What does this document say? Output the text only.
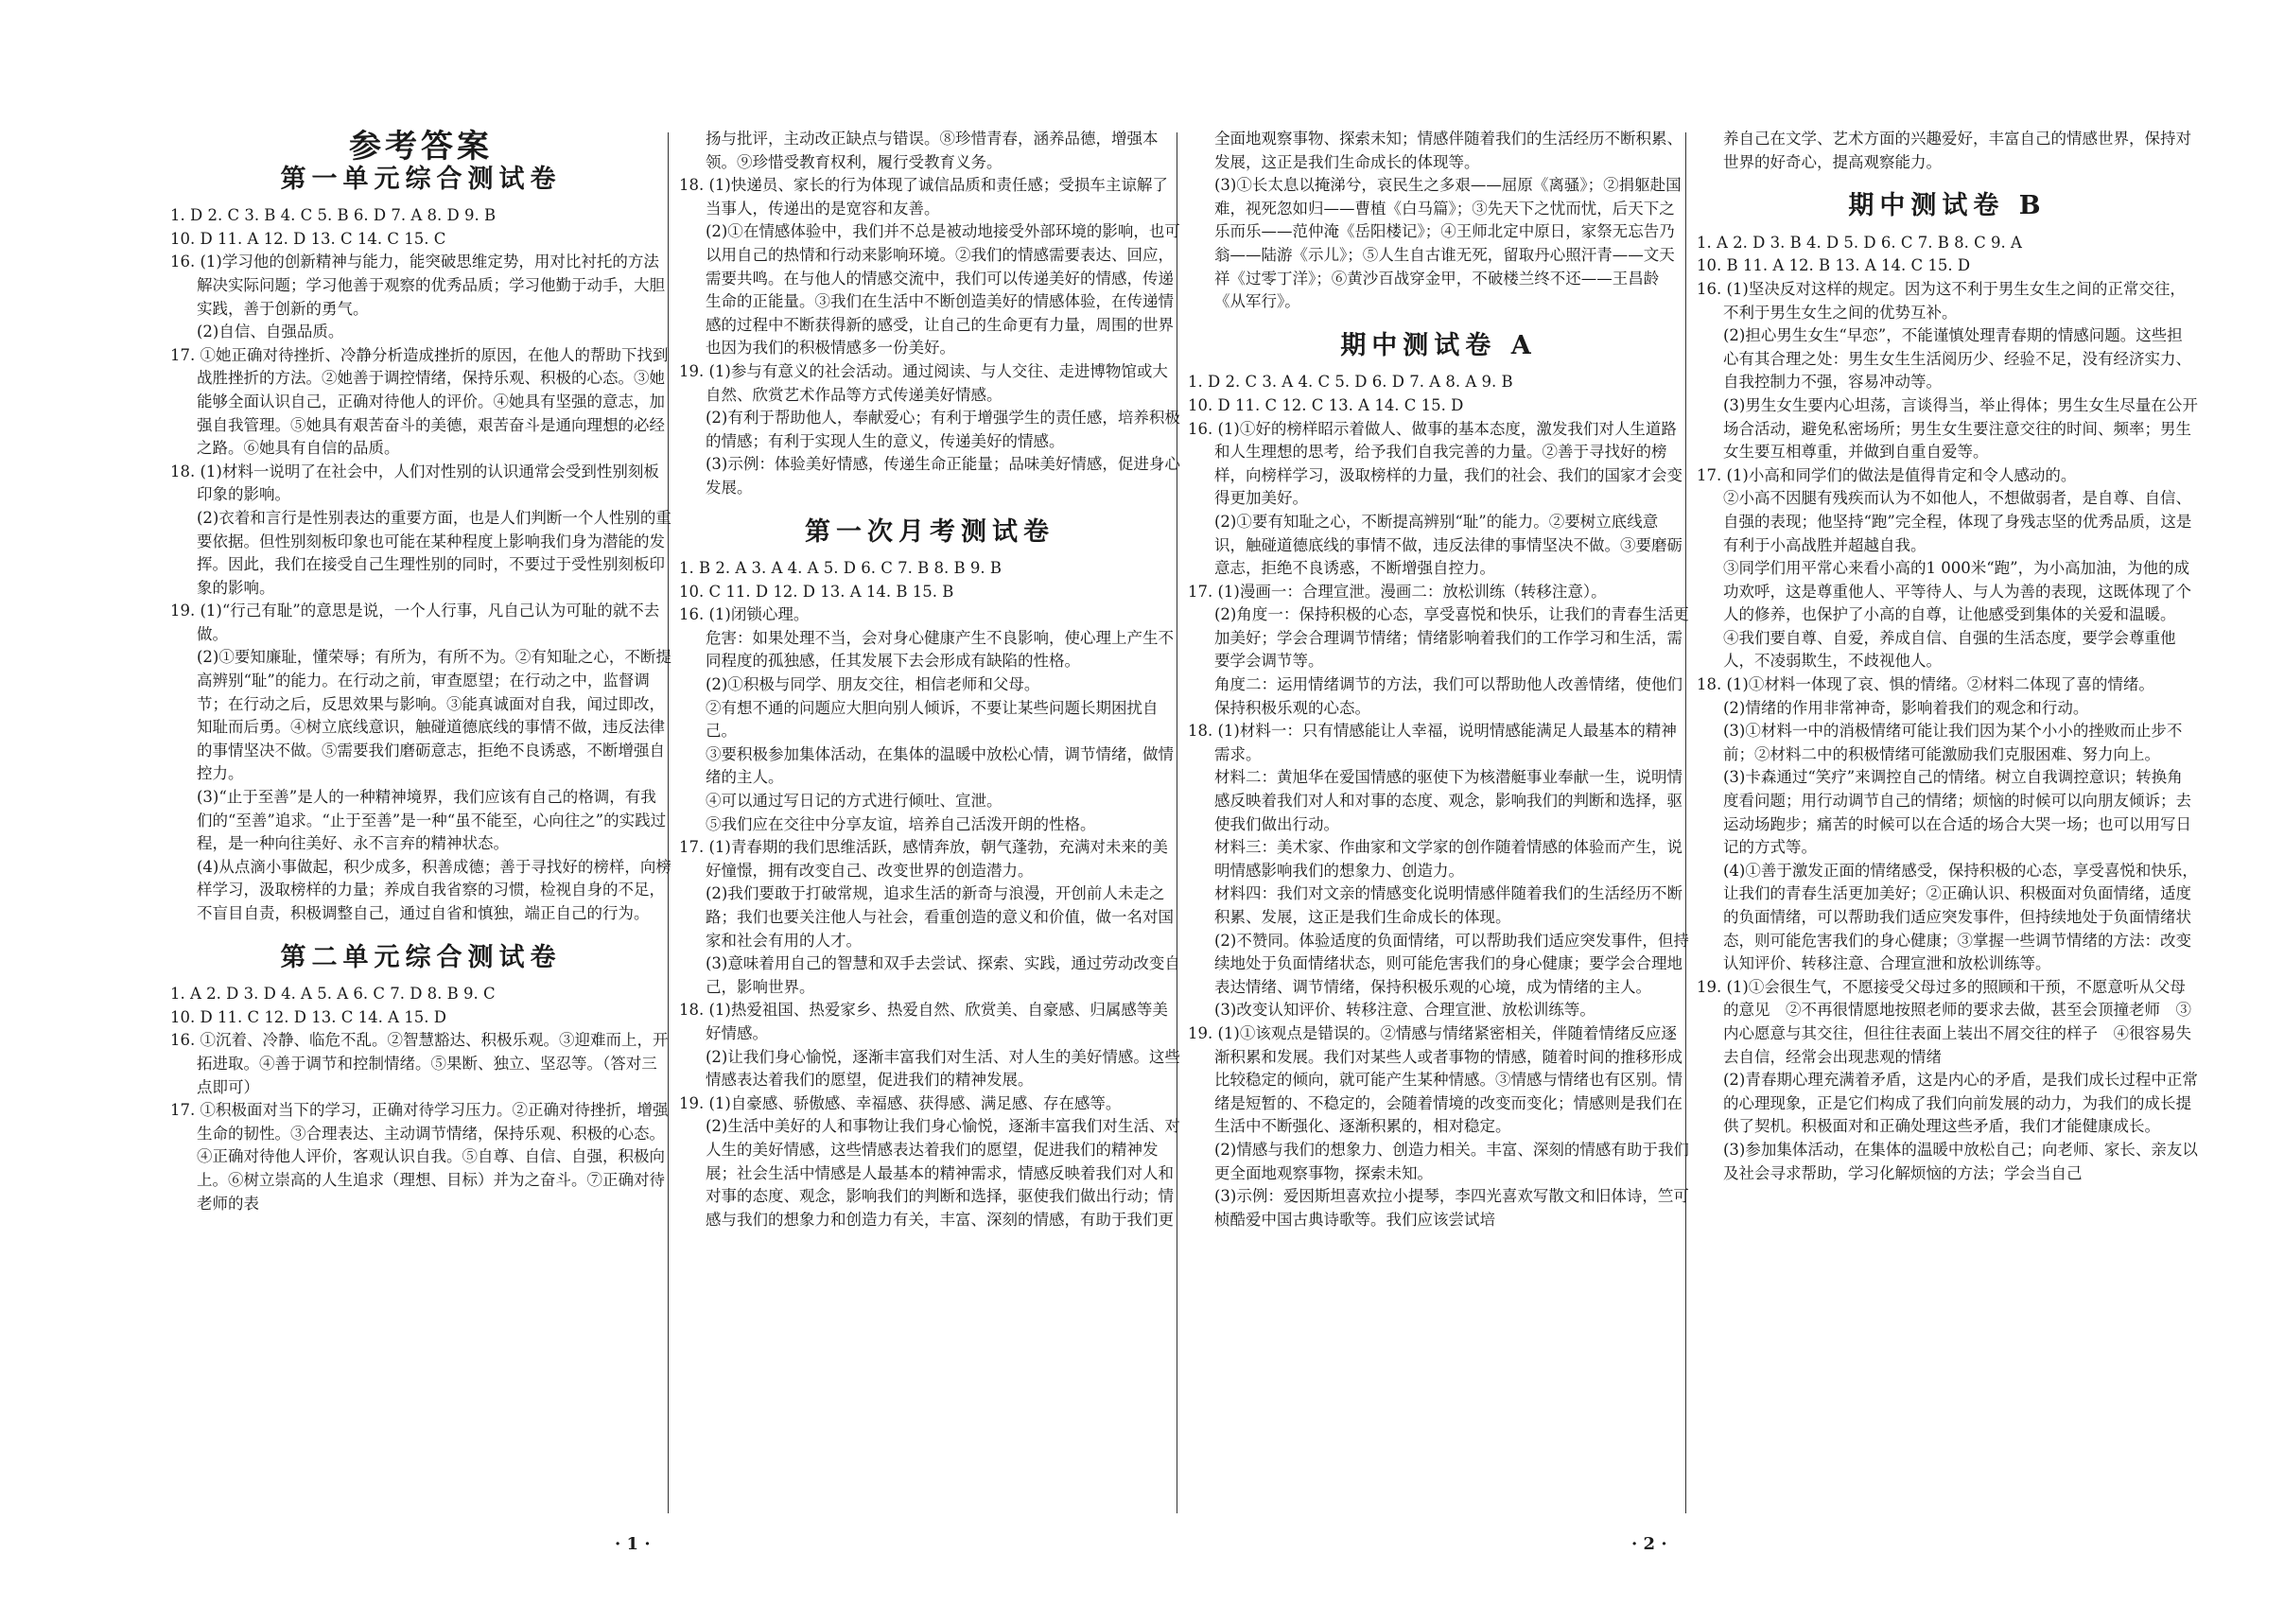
参考答案
第一单元综合测试卷

1. D 2. C 3. B 4. C 5. B 6. D 7. A 8. D 9. B

10. D 11. A 12. D 13. C 14. C 15. C

16. (1)学习他的创新精神与能力，能突破思维定势，用对比衬托的方法解决实际问题；学习他善于观察的优秀品质；学习他勤于动手，大胆实践，善于创新的勇气。

(2)自信、自强品质。

17. ①她正确对待挫折、冷静分析造成挫折的原因，在他人的帮助下找到战胜挫折的方法。②她善于调控情绪，保持乐观、积极的心态。③她能够全面认识自己，正确对待他人的评价。④她具有坚强的意志，加强自我管理。⑤她具有艰苦奋斗的美德，艰苦奋斗是通向理想的必经之路。⑥她具有自信的品质。

18. (1)材料一说明了在社会中，人们对性别的认识通常会受到性别刻板印象的影响。

(2)衣着和言行是性别表达的重要方面，也是人们判断一个人性别的重要依据。但性别刻板印象也可能在某种程度上影响我们身为潜能的发挥。因此，我们在接受自己生理性别的同时，不要过于受性别刻板印象的影响。

19. (1)“行己有耻”的意思是说，一个人行事，凡自己认为可耻的就不去做。

(2)①要知廉耻，懂荣辱；有所为，有所不为。②有知耻之心，不断提高辨别“耻”的能力。在行动之前，审查愿望；在行动之中，监督调节；在行动之后，反思效果与影响。③能真诚面对自我，闻过即改，知耻而后勇。④树立底线意识，触碰道德底线的事情不做，违反法律的事情坚决不做。⑤需要我们磨砺意志，拒绝不良诱惑，不断增强自控力。

(3)“止于至善”是人的一种精神境界，我们应该有自己的格调，有我们的“至善”追求。“止于至善”是一种“虽不能至，心向往之”的实践过程，是一种向往美好、永不言弃的精神状态。

(4)从点滴小事做起，积少成多，积善成德；善于寻找好的榜样，向榜样学习，汲取榜样的力量；养成自我省察的习惯，检视自身的不足，不盲目自责，积极调整自己，通过自省和慎独，端正自己的行为。

第二单元综合测试卷

1. A 2. D 3. D 4. A 5. A 6. C 7. D 8. B 9. C

10. D 11. C 12. D 13. C 14. A 15. D

16. ①沉着、冷静、临危不乱。②智慧豁达、积极乐观。③迎难而上，开拓进取。④善于调节和控制情绪。⑤果断、独立、坚忍等。（答对三点即可）

17. ①积极面对当下的学习，正确对待学习压力。②正确对待挫折，增强生命的韧性。③合理表达、主动调节情绪，保持乐观、积极的心态。④正确对待他人评价，客观认识自我。⑤自尊、自信、自强，积极向上。⑥树立崇高的人生追求（理想、目标）并为之奋斗。⑦正确对待老师的表

扬与批评，主动改正缺点与错误。⑧珍惜青春，涵养品德，增强本领。⑨珍惜受教育权利，履行受教育义务。

18. (1)快递员、家长的行为体现了诚信品质和责任感；受损车主谅解了当事人，传递出的是宽容和友善。

(2)①在情感体验中，我们并不总是被动地接受外部环境的影响，也可以用自己的热情和行动来影响环境。②我们的情感需要表达、回应，需要共鸣。在与他人的情感交流中，我们可以传递美好的情感，传递生命的正能量。③我们在生活中不断创造美好的情感体验，在传递情感的过程中不断获得新的感受，让自己的生命更有力量，周围的世界也因为我们的积极情感多一份美好。

19. (1)参与有意义的社会活动。通过阅读、与人交往、走进博物馆或大自然、欣赏艺术作品等方式传递美好情感。

(2)有利于帮助他人，奉献爱心；有利于增强学生的责任感，培养积极的情感；有利于实现人生的意义，传递美好的情感。

(3)示例：体验美好情感，传递生命正能量；品味美好情感，促进身心发展。

第一次月考测试卷

1. B 2. A 3. A 4. A 5. D 6. C 7. B 8. B 9. B

10. C 11. D 12. D 13. A 14. B 15. B

16. (1)闭锁心理。

危害：如果处理不当，会对身心健康产生不良影响，使心理上产生不同程度的孤独感，任其发展下去会形成有缺陷的性格。

(2)①积极与同学、朋友交往，相信老师和父母。

②有想不通的问题应大胆向别人倾诉，不要让某些问题长期困扰自己。

③要积极参加集体活动，在集体的温暖中放松心情，调节情绪，做情绪的主人。

④可以通过写日记的方式进行倾吐、宣泄。

⑤我们应在交往中分享友谊，培养自己活泼开朗的性格。

17. (1)青春期的我们思维活跃，感情奔放，朝气蓬勃，充满对未来的美好憧憬，拥有改变自己、改变世界的创造潜力。

(2)我们要敢于打破常规，追求生活的新奇与浪漫，开创前人未走之路；我们也要关注他人与社会，看重创造的意义和价值，做一名对国家和社会有用的人才。

(3)意味着用自己的智慧和双手去尝试、探索、实践，通过劳动改变自己，影响世界。

18. (1)热爱祖国、热爱家乡、热爱自然、欣赏美、自豪感、归属感等美好情感。

(2)让我们身心愉悦，逐渐丰富我们对生活、对人生的美好情感。这些情感表达着我们的愿望，促进我们的精神发展。

19. (1)自豪感、骄傲感、幸福感、获得感、满足感、存在感等。

(2)生活中美好的人和事物让我们身心愉悦，逐渐丰富我们对生活、对人生的美好情感，这些情感表达着我们的愿望，促进我们的精神发展；社会生活中情感是人最基本的精神需求，情感反映着我们对人和对事的态度、观念，影响我们的判断和选择，驱使我们做出行动；情感与我们的想象力和创造力有关，丰富、深刻的情感，有助于我们更

全面地观察事物、探索未知；情感伴随着我们的生活经历不断积累、发展，这正是我们生命成长的体现等。

(3)①长太息以掩涕兮，哀民生之多艰——屈原《离骚》；②捐躯赴国难，视死忽如归——曹植《白马篇》；③先天下之忧而忧，后天下之乐而乐——范仲淹《岳阳楼记》；④王师北定中原日，家祭无忘告乃翁——陆游《示儿》；⑤人生自古谁无死，留取丹心照汗青——文天祥《过零丁洋》；⑥黄沙百战穿金甲，不破楼兰终不还——王昌龄《从军行》。

期中测试卷 A

1. D 2. C 3. A 4. C 5. D 6. D 7. A 8. A 9. B

10. D 11. C 12. C 13. A 14. C 15. D

16. (1)①好的榜样昭示着做人、做事的基本态度，激发我们对人生道路和人生理想的思考，给予我们自我完善的力量。②善于寻找好的榜样，向榜样学习，汲取榜样的力量，我们的社会、我们的国家才会变得更加美好。

(2)①要有知耻之心，不断提高辨别“耻”的能力。②要树立底线意识，触碰道德底线的事情不做，违反法律的事情坚决不做。③要磨砺意志，拒绝不良诱惑，不断增强自控力。

17. (1)漫画一：合理宣泄。漫画二：放松训练（转移注意）。

(2)角度一：保持积极的心态，享受喜悦和快乐，让我们的青春生活更加美好；学会合理调节情绪；情绪影响着我们的工作学习和生活，需要学会调节等。

角度二：运用情绪调节的方法，我们可以帮助他人改善情绪，使他们保持积极乐观的心态。

18. (1)材料一：只有情感能让人幸福，说明情感能满足人最基本的精神需求。

材料二：黄旭华在爱国情感的驱使下为核潜艇事业奉献一生，说明情感反映着我们对人和对事的态度、观念，影响我们的判断和选择，驱使我们做出行动。

材料三：美术家、作曲家和文学家的创作随着情感的体验而产生，说明情感影响我们的想象力、创造力。

材料四：我们对文亲的情感变化说明情感伴随着我们的生活经历不断积累、发展，这正是我们生命成长的体现。

(2)不赞同。体验适度的负面情绪，可以帮助我们适应突发事件，但持续地处于负面情绪状态，则可能危害我们的身心健康；要学会合理地表达情绪、调节情绪，保持积极乐观的心境，成为情绪的主人。

(3)改变认知评价、转移注意、合理宣泄、放松训练等。

19. (1)①该观点是错误的。②情感与情绪紧密相关，伴随着情绪反应逐渐积累和发展。我们对某些人或者事物的情感，随着时间的推移形成比较稳定的倾向，就可能产生某种情感。③情感与情绪也有区别。情绪是短暂的、不稳定的，会随着情境的改变而变化；情感则是我们在生活中不断强化、逐渐积累的，相对稳定。

(2)情感与我们的想象力、创造力相关。丰富、深刻的情感有助于我们更全面地观察事物，探索未知。

(3)示例：爱因斯坦喜欢拉小提琴，李四光喜欢写散文和旧体诗，竺可桢酷爱中国古典诗歌等。我们应该尝试培

养自己在文学、艺术方面的兴趣爱好，丰富自己的情感世界，保持对世界的好奇心，提高观察能力。

期中测试卷 B

1. A 2. D 3. B 4. D 5. D 6. C 7. B 8. C 9. A

10. B 11. A 12. B 13. A 14. C 15. D

16. (1)坚决反对这样的规定。因为这不利于男生女生之间的正常交往，不利于男生女生之间的优势互补。

(2)担心男生女生“早恋”，不能谨慎处理青春期的情感问题。这些担心有其合理之处：男生女生生活阅历少、经验不足，没有经济实力、自我控制力不强，容易冲动等。

(3)男生女生要内心坦荡，言谈得当，举止得体；男生女生尽量在公开场合活动，避免私密场所；男生女生要注意交往的时间、频率；男生女生要互相尊重，并做到自重自爱等。

17. (1)小高和同学们的做法是值得肯定和令人感动的。

②小高不因腿有残疾而认为不如他人，不想做弱者，是自尊、自信、自强的表现；他坚持“跑”完全程，体现了身残志坚的优秀品质，这是有利于小高战胜并超越自我。

③同学们用平常心来看小高的1 000米“跑”，为小高加油，为他的成功欢呼，这是尊重他人、平等待人、与人为善的表现，这既体现了个人的修养，也保护了小高的自尊，让他感受到集体的关爱和温暖。

④我们要自尊、自爱，养成自信、自强的生活态度，要学会尊重他人，不凌弱欺生，不歧视他人。

18. (1)①材料一体现了哀、惧的情绪。②材料二体现了喜的情绪。

(2)情绪的作用非常神奇，影响着我们的观念和行动。

(3)①材料一中的消极情绪可能让我们因为某个小小的挫败而止步不前；②材料二中的积极情绪可能激励我们克服困难、努力向上。

(3)卡森通过“笑疗”来调控自己的情绪。树立自我调控意识；转换角度看问题；用行动调节自己的情绪；烦恼的时候可以向朋友倾诉；去运动场跑步；痛苦的时候可以在合适的场合大哭一场；也可以用写日记的方式等。

(4)①善于激发正面的情绪感受，保持积极的心态，享受喜悦和快乐，让我们的青春生活更加美好；②正确认识、积极面对负面情绪，适度的负面情绪，可以帮助我们适应突发事件，但持续地处于负面情绪状态，则可能危害我们的身心健康；③掌握一些调节情绪的方法：改变认知评价、转移注意、合理宣泄和放松训练等。

19. (1)①会很生气，不愿接受父母过多的照顾和干预，不愿意听从父母的意见　②不再很情愿地按照老师的要求去做，甚至会顶撞老师　③内心愿意与其交往，但往往表面上装出不屑交往的样子　④很容易失去自信，经常会出现悲观的情绪

(2)青春期心理充满着矛盾，这是内心的矛盾，是我们成长过程中正常的心理现象，正是它们构成了我们向前发展的动力，为我们的成长提供了契机。积极面对和正确处理这些矛盾，我们才能健康成长。

(3)参加集体活动，在集体的温暖中放松自己；向老师、家长、亲友以及社会寻求帮助，学习化解烦恼的方法；学会当自己

· 1 ·	· 2 ·
